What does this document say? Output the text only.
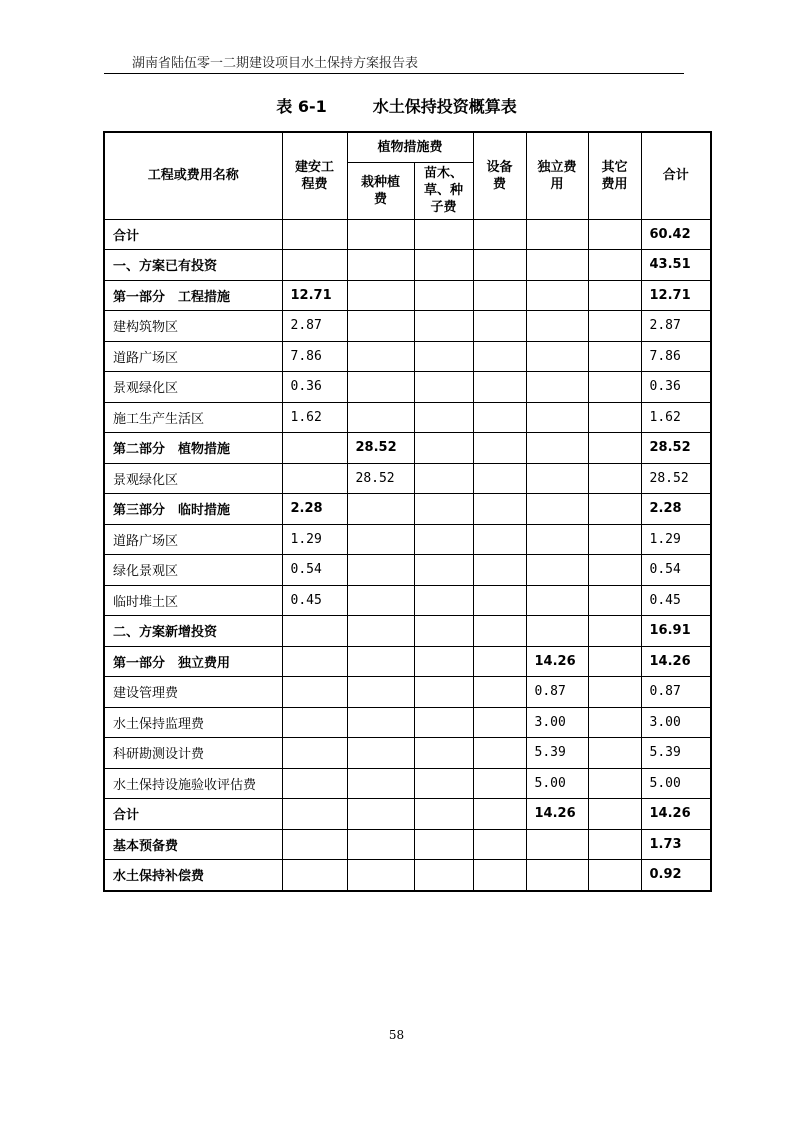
湖南省陆伍零一二期建设项目水土保持方案报告表
表 6-1	水土保持投资概算表
工程或费用名称	建安工程费	植物措施费		设备费	独立费用	其它费用	合计
		栽种植费	苗木、草、种子费				
合计							60.42
一、方案已有投资							43.51
第一部分　工程措施	12.71						12.71
建构筑物区	2.87						2.87
道路广场区	7.86						7.86
景观绿化区	0.36						0.36
施工生产生活区	1.62						1.62
第二部分　植物措施		28.52					28.52
景观绿化区		28.52					28.52
第三部分　临时措施	2.28						2.28
道路广场区	1.29						1.29
绿化景观区	0.54						0.54
临时堆土区	0.45						0.45
二、方案新增投资							16.91
第一部分　独立费用					14.26		14.26
建设管理费					0.87		0.87
水土保持监理费					3.00		3.00
科研勘测设计费					5.39		5.39
水土保持设施验收评估费					5.00		5.00
合计					14.26		14.26
基本预备费							1.73
水土保持补偿费							0.92
58
